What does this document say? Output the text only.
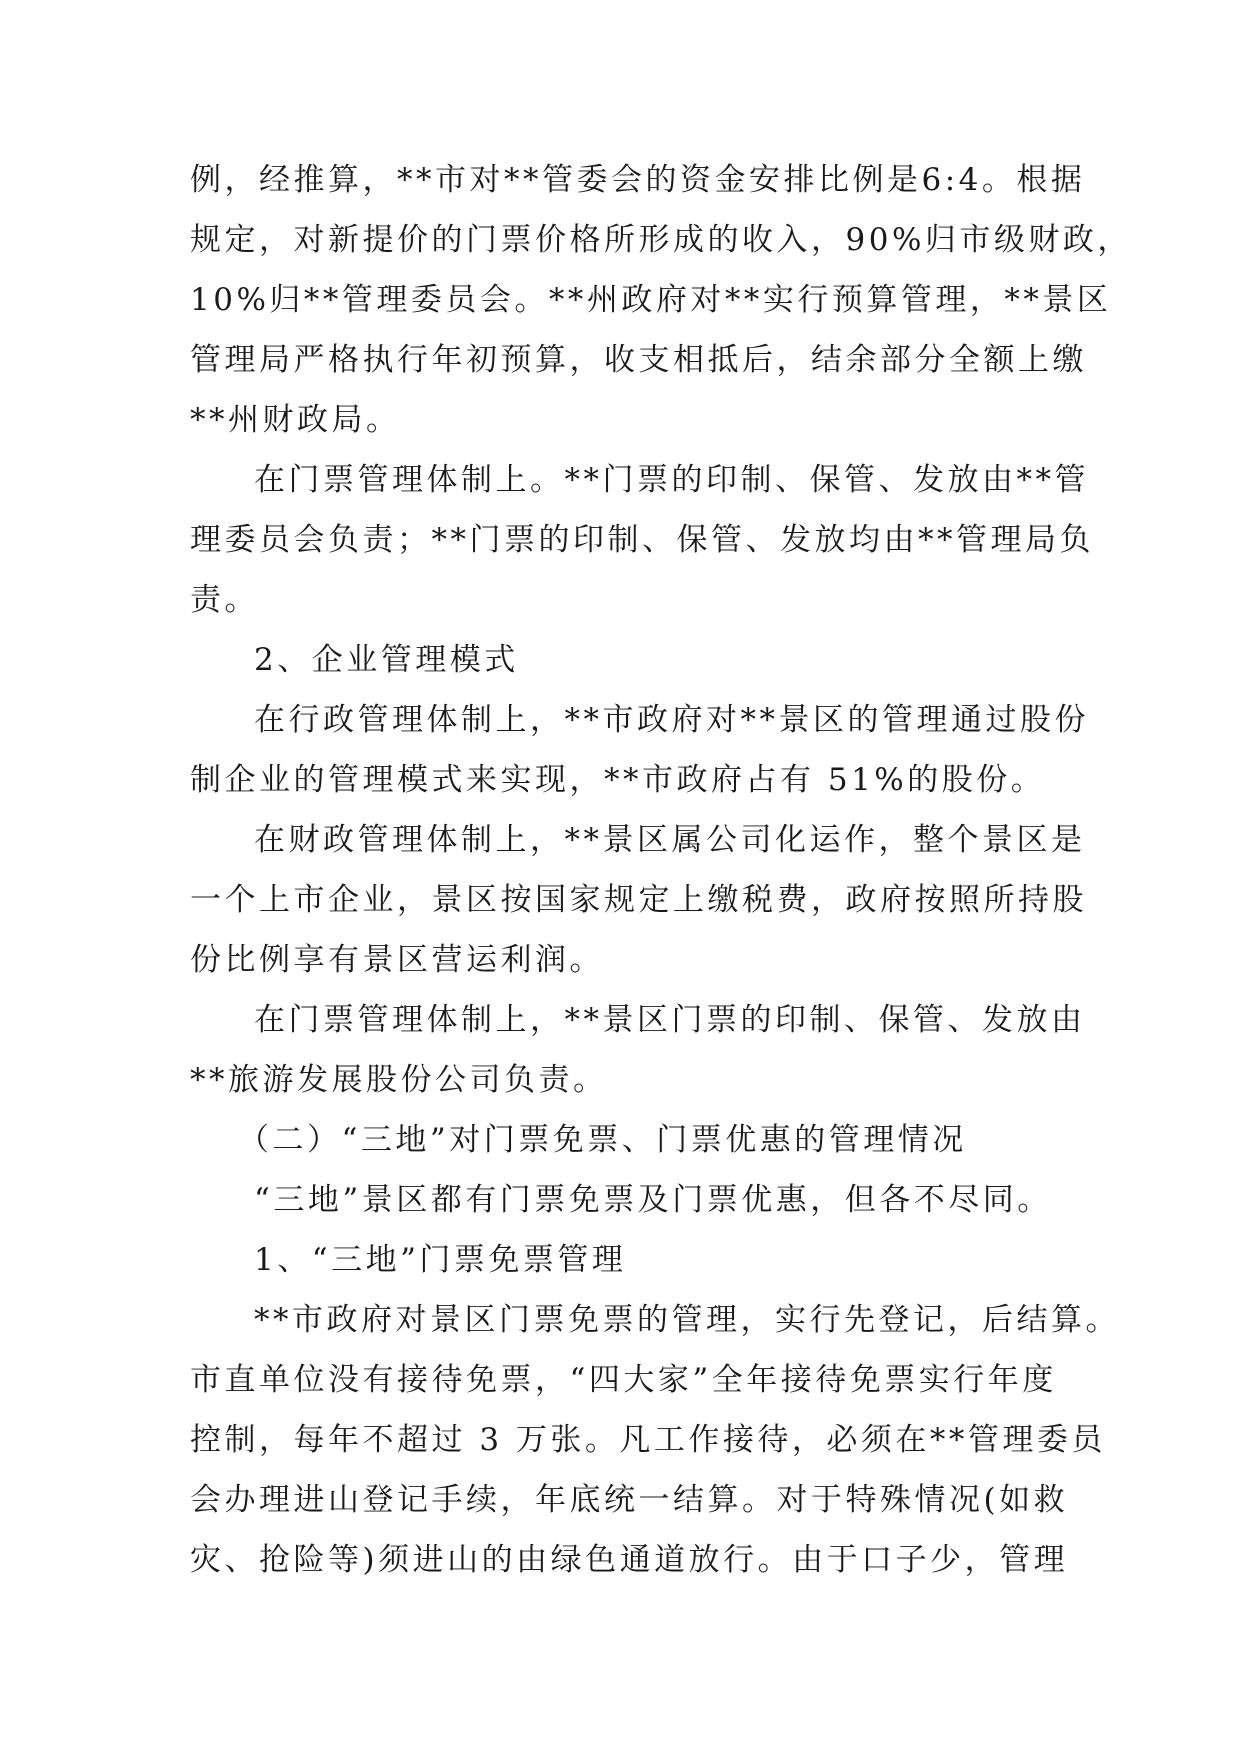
例，经推算，**市对**管委会的资金安排比例是6:4。根据
规定，对新提价的门票价格所形成的收入，90%归市级财政，
10%归**管理委员会。**州政府对**实行预算管理，**景区
管理局严格执行年初预算，收支相抵后，结余部分全额上缴
**州财政局。
在门票管理体制上。**门票的印制、保管、发放由**管
理委员会负责；**门票的印制、保管、发放均由**管理局负
责。
2、企业管理模式
在行政管理体制上，**市政府对**景区的管理通过股份
制企业的管理模式来实现，**市政府占有 51%的股份。
在财政管理体制上，**景区属公司化运作，整个景区是
一个上市企业，景区按国家规定上缴税费，政府按照所持股
份比例享有景区营运利润。
在门票管理体制上，**景区门票的印制、保管、发放由
**旅游发展股份公司负责。
（二）“三地”对门票免票、门票优惠的管理情况
“三地”景区都有门票免票及门票优惠，但各不尽同。
1、“三地”门票免票管理
**市政府对景区门票免票的管理，实行先登记，后结算。
市直单位没有接待免票，“四大家”全年接待免票实行年度
控制，每年不超过 3 万张。凡工作接待，必须在**管理委员
会办理进山登记手续，年底统一结算。对于特殊情况(如救
灾、抢险等)须进山的由绿色通道放行。由于口子少，管理
